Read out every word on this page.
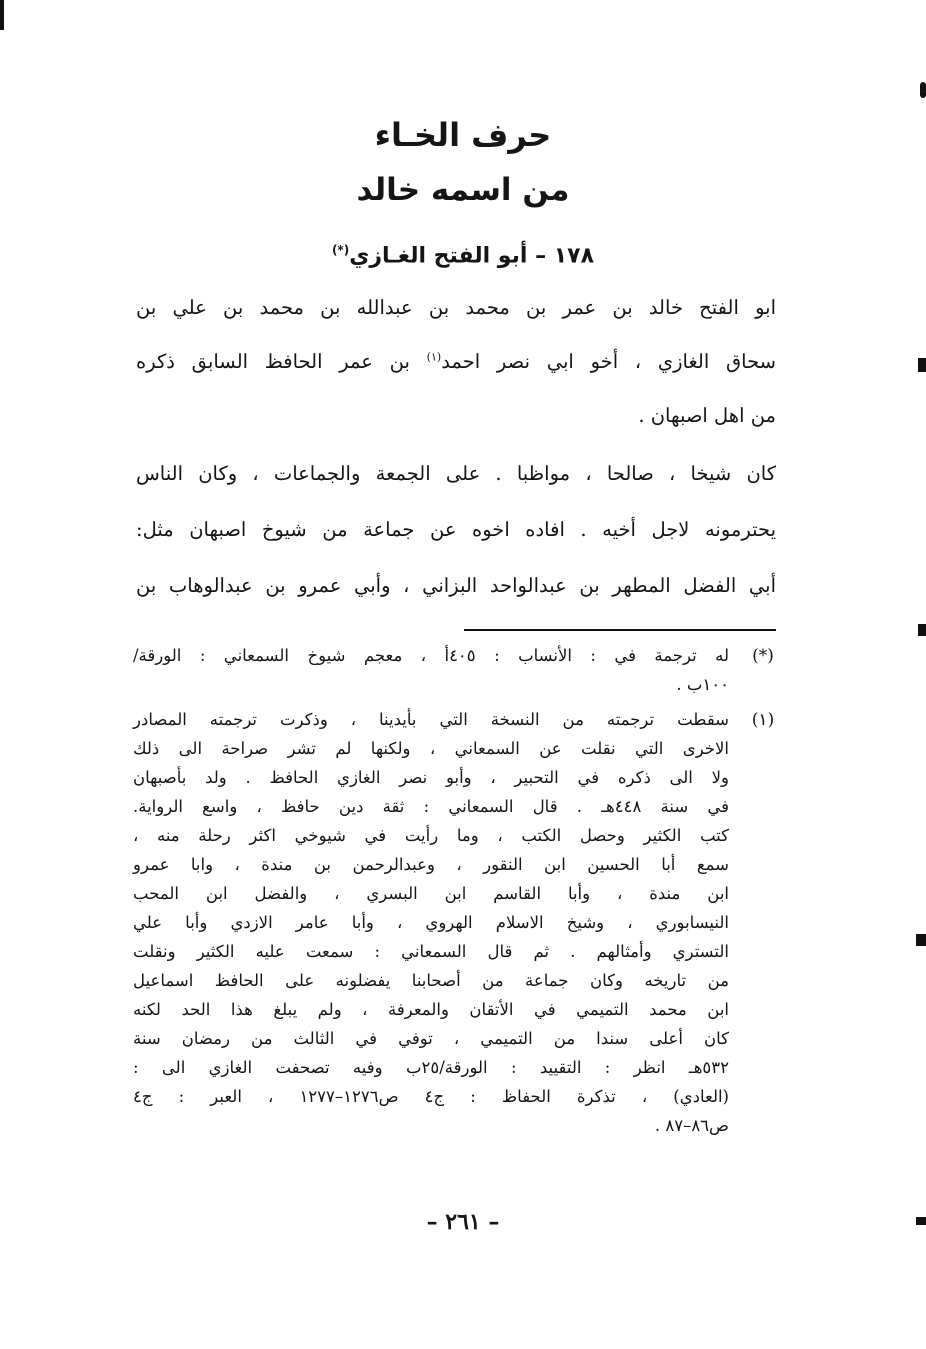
حرف الخـاء
من اسمه خالد
١٧٨ – أبو الفتح الغـازي(*)
ابو الفتح خالد بن عمر بن محمد بن عبدالله بن محمد بن علي بن
سحاق الغازي ، أخو ابي نصر احمد$^{(١)}$ بن عمر الحافظ السابق ذكره
من اهل اصبهان .
كان شيخا ، صالحا ، مواظبا . على الجمعة والجماعات ، وكان الناس
يحترمونه لاجل أخيه . افاده اخوه عن جماعة من شيوخ اصبهان مثل:
أبي الفضل المطهر بن عبدالواحد البزاني ، وأبي عمرو بن عبدالوهاب بن
(*)
له ترجمة في : الأنساب : ٤٠٥أ ، معجم شيوخ السمعاني : الورقة/
١٠٠ب .
(١)
سقطت ترجمته من النسخة التي بأيدينا ، وذكرت ترجمته المصادر
الاخرى التي نقلت عن السمعاني ، ولكنها لم تشر صراحة الى ذلك
ولا الى ذكره في التحبير ، وأبو نصر الغازي الحافظ . ولد بأصبهان
في سنة ٤٤٨هـ . قال السمعاني : ثقة دين حافظ ، واسع الرواية.
كتب الكثير وحصل الكتب ، وما رأيت في شيوخي اكثر رحلة منه ،
سمع أبا الحسين ابن النقور ، وعبدالرحمن بن مندة ، وابا عمرو
ابن مندة ، وأبا القاسم ابن البسري ، والفضل ابن المحب
النيسابوري ، وشيخ الاسلام الهروي ، وأبا عامر الازدي وأبا علي
التستري وأمثالهم . ثم قال السمعاني : سمعت عليه الكثير ونقلت
من تاريخه وكان جماعة من أصحابنا يفضلونه على الحافظ اسماعيل
ابن محمد التميمي في الأتقان والمعرفة ، ولم يبلغ هذا الحد لكنه
كان أعلى سندا من التميمي ، توفي في الثالث من رمضان سنة
٥٣٢هـ انظر : التقييد : الورقة/٢٥ب وفيه تصحفت الغازي الى :
(العادي) ، تذكرة الحفاظ : ج٤ ص١٢٧٦–١٢٧٧ ، العبر : ج٤
ص٨٦–٨٧ .
– ٢٦١ –
